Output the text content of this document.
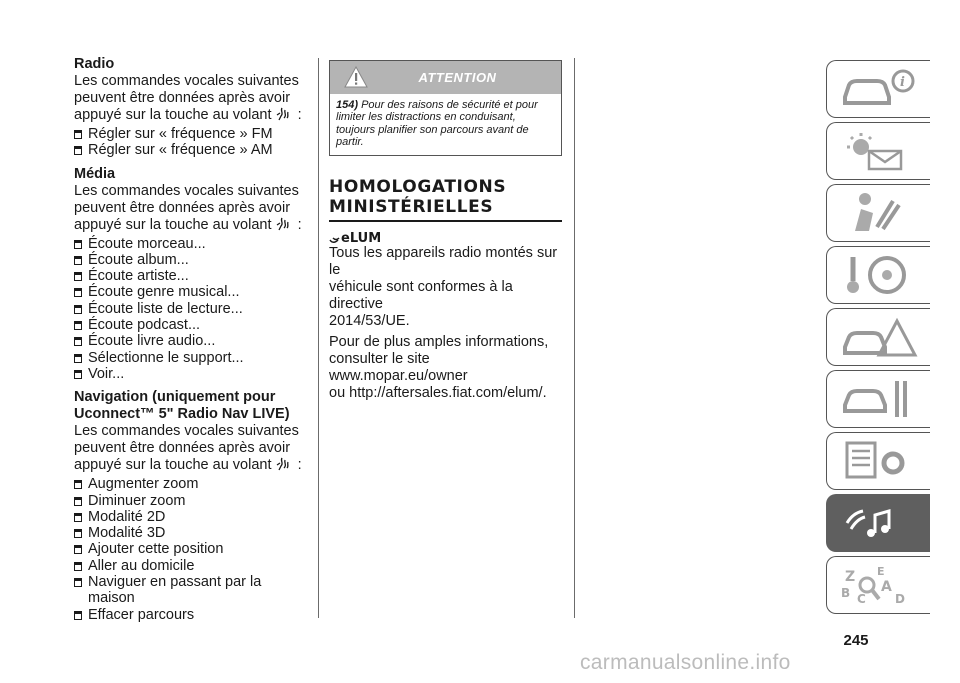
Radio

Les commandes vocales suivantes

peuvent être données après avoir

appuyé sur la touche au volant :

Régler sur « fréquence » FM
Régler sur « fréquence » AM
Média

Les commandes vocales suivantes

peuvent être données après avoir

appuyé sur la touche au volant :

Écoute morceau...
Écoute album...
Écoute artiste...
Écoute genre musical...
Écoute liste de lecture...
Écoute podcast...
Écoute livre audio...
Sélectionne le support...
Voir...
Navigation (uniquement pour
Uconnect™ 5" Radio Nav LIVE)

Les commandes vocales suivantes

peuvent être données après avoir

appuyé sur la touche au volant :

Augmenter zoom
Diminuer zoom
Modalité 2D
Modalité 3D
Ajouter cette position
Aller au domicile
Naviguer en passant par la maison
Effacer parcours
ATTENTION
154) Pour des raisons de sécurité et pour limiter les distractions en conduisant, toujours planifier son parcours avant de partir.
HOMOLOGATIONS
MINISTÉRIELLES
eLUM

Tous les appareils radio montés sur le

véhicule sont conformes à la directive

2014/53/UE.

Pour de plus amples informations,

consulter le site www.mopar.eu/owner

ou http://aftersales.fiat.com/elum/.

i
Z E
A
B C D
245
carmanualsonline.info
